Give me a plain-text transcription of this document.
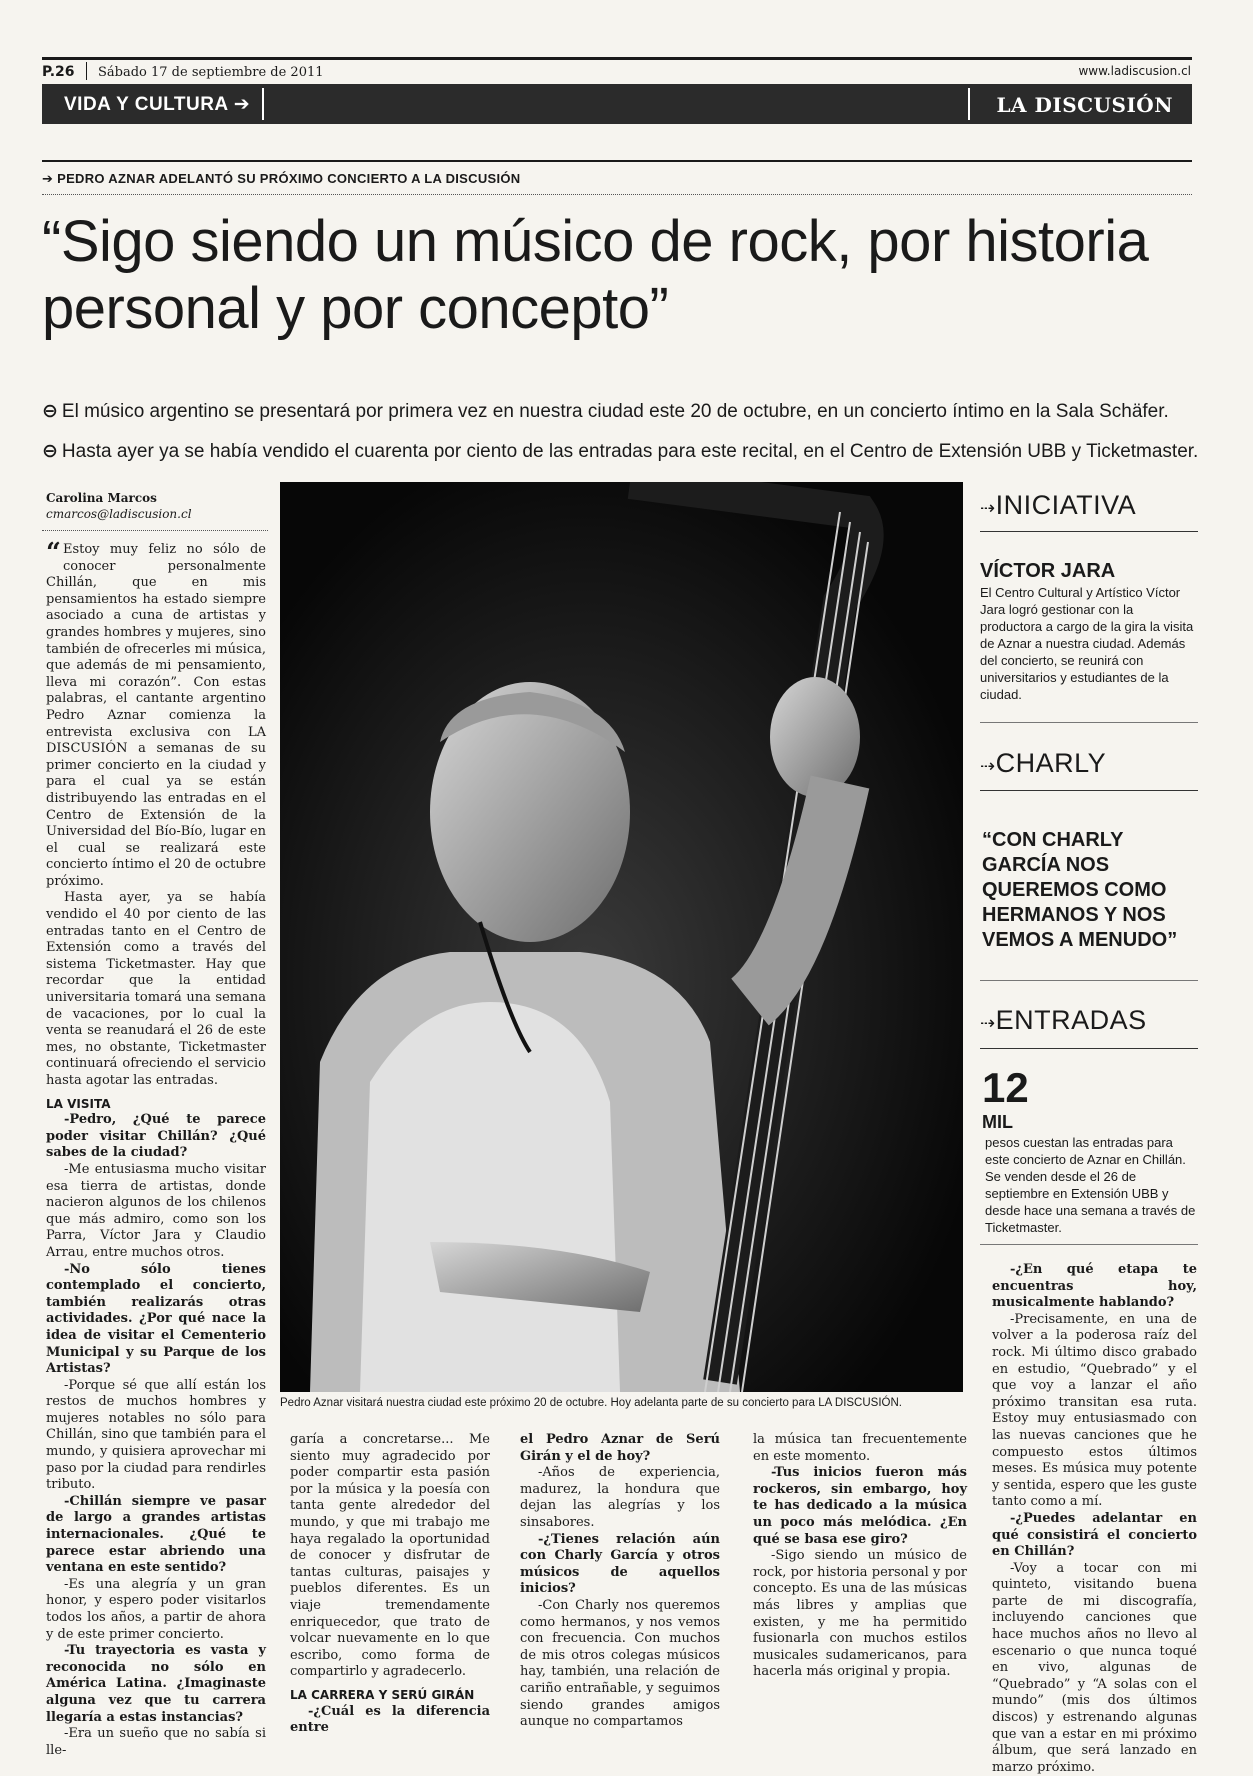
P.26 Sábado 17 de septiembre de 2011	www.ladiscusion.cl
VIDA Y CULTURA ➔	LA DISCUSIÓN
➔ PEDRO AZNAR ADELANTÓ SU PRÓXIMO CONCIERTO A LA DISCUSIÓN
“Sigo siendo un músico de rock, por historia personal y por concepto”
⊖ El músico argentino se presentará por primera vez en nuestra ciudad este 20 de octubre, en un concierto íntimo en la Sala Schäfer.
⊖ Hasta ayer ya se había vendido el cuarenta por ciento de las entradas para este recital, en el Centro de Extensión UBB y Ticketmaster.
Carolina Marcos
cmarcos@ladiscusion.cl

“ Estoy muy feliz no sólo de conocer personalmente Chillán, que en mis pensamientos ha estado siempre asociado a cuna de artistas y grandes hombres y mujeres, sino también de ofrecerles mi música, que además de mi pensamiento, lleva mi corazón”. Con estas palabras, el cantante argentino Pedro Aznar comienza la entrevista exclusiva con LA DISCUSIÓN a semanas de su primer concierto en la ciudad y para el cual ya se están distribuyendo las entradas en el Centro de Extensión de la Universidad del Bío-Bío, lugar en el cual se realizará este concierto íntimo el 20 de octubre próximo.

Hasta ayer, ya se había vendido el 40 por ciento de las entradas tanto en el Centro de Extensión como a través del sistema Ticketmaster. Hay que recordar que la entidad universitaria tomará una semana de vacaciones, por lo cual la venta se reanudará el 26 de este mes, no obstante, Ticketmaster continuará ofreciendo el servicio hasta agotar las entradas.

LA VISITA

-Pedro, ¿Qué te parece poder visitar Chillán? ¿Qué sabes de la ciudad?

-Me entusiasma mucho visitar esa tierra de artistas, donde nacieron algunos de los chilenos que más admiro, como son los Parra, Víctor Jara y Claudio Arrau, entre muchos otros.

-No sólo tienes contemplado el concierto, también realizarás otras actividades. ¿Por qué nace la idea de visitar el Cementerio Municipal y su Parque de los Artistas?

-Porque sé que allí están los restos de muchos hombres y mujeres notables no sólo para Chillán, sino que también para el mundo, y quisiera aprovechar mi paso por la ciudad para rendirles tributo.

-Chillán siempre ve pasar de largo a grandes artistas internacionales. ¿Qué te parece estar abriendo una ventana en este sentido?

-Es una alegría y un gran honor, y espero poder visitarlos todos los años, a partir de ahora y de este primer concierto.

-Tu trayectoria es vasta y reconocida no sólo en América Latina. ¿Imaginaste alguna vez que tu carrera llegaría a estas instancias?

-Era un sueño que no sabía si lle-

Pedro Aznar visitará nuestra ciudad este próximo 20 de octubre. Hoy adelanta parte de su concierto para LA DISCUSIÓN.

garía a concretarse... Me siento muy agradecido por poder compartir esta pasión por la música y la poesía con tanta gente alrededor del mundo, y que mi trabajo me haya regalado la oportunidad de conocer y disfrutar de tantas culturas, paisajes y pueblos diferentes. Es un viaje tremendamente enriquecedor, que trato de volcar nuevamente en lo que escribo, como forma de compartirlo y agradecerlo.

LA CARRERA Y SERÚ GIRÁN

-¿Cuál es la diferencia entre

el Pedro Aznar de Serú Girán y el de hoy?

-Años de experiencia, madurez, la hondura que dejan las alegrías y los sinsabores.

-¿Tienes relación aún con Charly García y otros músicos de aquellos inicios?

-Con Charly nos queremos como hermanos, y nos vemos con frecuencia. Con muchos de mis otros colegas músicos hay, también, una relación de cariño entrañable, y seguimos siendo grandes amigos aunque no compartamos

la música tan frecuentemente en este momento.

-Tus inicios fueron más rockeros, sin embargo, hoy te has dedicado a la música un poco más melódica. ¿En qué se basa ese giro?

-Sigo siendo un músico de rock, por historia personal y por concepto. Es una de las músicas más libres y amplias que existen, y me ha permitido fusionarla con muchos estilos musicales sudamericanos, para hacerla más original y propia.

-¿En qué etapa te encuentras hoy, musicalmente hablando?

-Precisamente, en una de volver a la poderosa raíz del rock. Mi último disco grabado en estudio, “Quebrado” y el que voy a lanzar el año próximo transitan esa ruta. Estoy muy entusiasmado con las nuevas canciones que he compuesto estos últimos meses. Es música muy potente y sentida, espero que les guste tanto como a mí.

-¿Puedes adelantar en qué consistirá el concierto en Chillán?

-Voy a tocar con mi quinteto, visitando buena parte de mi discografía, incluyendo canciones que hace muchos años no llevo al escenario o que nunca toqué en vivo, algunas de “Quebrado” y “A solas con el mundo” (mis dos últimos discos) y estrenando algunas que van a estar en mi próximo álbum, que será lanzado en marzo próximo.

⇢INICIATIVA
VÍCTOR JARA
El Centro Cultural y Artístico Víctor Jara logró gestionar con la productora a cargo de la gira la visita de Aznar a nuestra ciudad. Además del concierto, se reunirá con universitarios y estudiantes de la ciudad.
⇢CHARLY
“CON CHARLY GARCÍA NOS QUEREMOS COMO HERMANOS Y NOS VEMOS A MENUDO”
⇢ENTRADAS
12
MIL
pesos cuestan las entradas para este concierto de Aznar en Chillán. Se venden desde el 26 de septiembre en Extensión UBB y desde hace una semana a través de Ticketmaster.
